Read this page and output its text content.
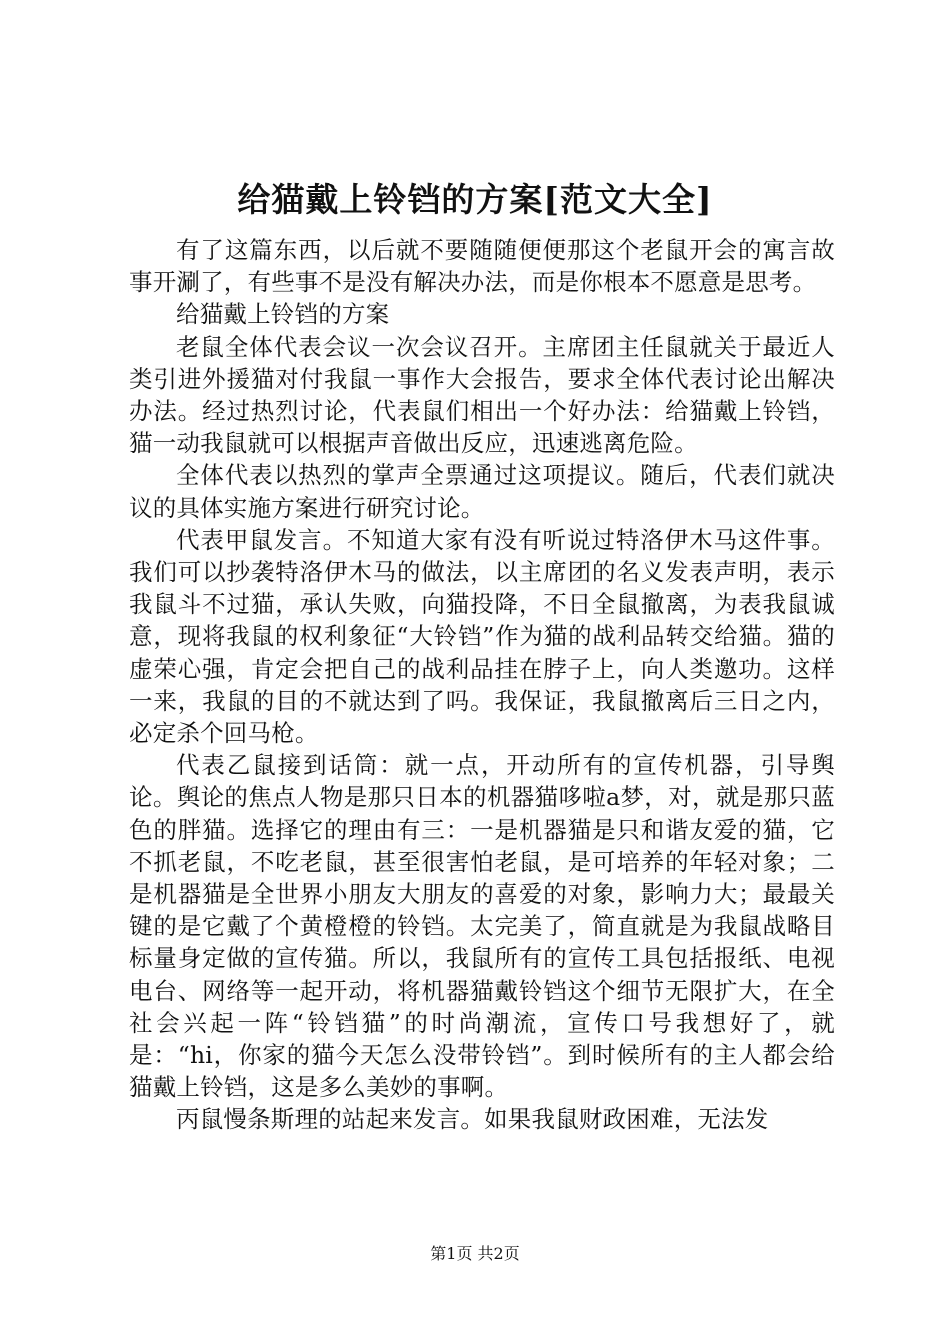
给猫戴上铃铛的方案[范文大全]

有了这篇东西，以后就不要随随便便那这个老鼠开会的寓言故事开涮了，有些事不是没有解决办法，而是你根本不愿意是思考。

给猫戴上铃铛的方案

老鼠全体代表会议一次会议召开。主席团主任鼠就关于最近人类引进外援猫对付我鼠一事作大会报告，要求全体代表讨论出解决办法。经过热烈讨论，代表鼠们相出一个好办法：给猫戴上铃铛，猫一动我鼠就可以根据声音做出反应，迅速逃离危险。

全体代表以热烈的掌声全票通过这项提议。随后，代表们就决议的具体实施方案进行研究讨论。

代表甲鼠发言。不知道大家有没有听说过特洛伊木马这件事。我们可以抄袭特洛伊木马的做法，以主席团的名义发表声明，表示我鼠斗不过猫，承认失败，向猫投降，不日全鼠撤离，为表我鼠诚意，现将我鼠的权利象征“大铃铛”作为猫的战利品转交给猫。猫的虚荣心强，肯定会把自己的战利品挂在脖子上，向人类邀功。这样一来，我鼠的目的不就达到了吗。我保证，我鼠撤离后三日之内，必定杀个回马枪。

代表乙鼠接到话筒：就一点，开动所有的宣传机器，引导舆论。舆论的焦点人物是那只日本的机器猫哆啦a梦，对，就是那只蓝色的胖猫。选择它的理由有三：一是机器猫是只和谐友爱的猫，它不抓老鼠，不吃老鼠，甚至很害怕老鼠，是可培养的年轻对象；二是机器猫是全世界小朋友大朋友的喜爱的对象，影响力大；最最关键的是它戴了个黄橙橙的铃铛。太完美了，简直就是为我鼠战略目标量身定做的宣传猫。所以，我鼠所有的宣传工具包括报纸、电视电台、网络等一起开动，将机器猫戴铃铛这个细节无限扩大，在全社会兴起一阵“铃铛猫”的时尚潮流，宣传口号我想好了，就是：“hi，你家的猫今天怎么没带铃铛”。到时候所有的主人都会给猫戴上铃铛，这是多么美妙的事啊。

丙鼠慢条斯理的站起来发言。如果我鼠财政困难，无法发

第1页 共2页
